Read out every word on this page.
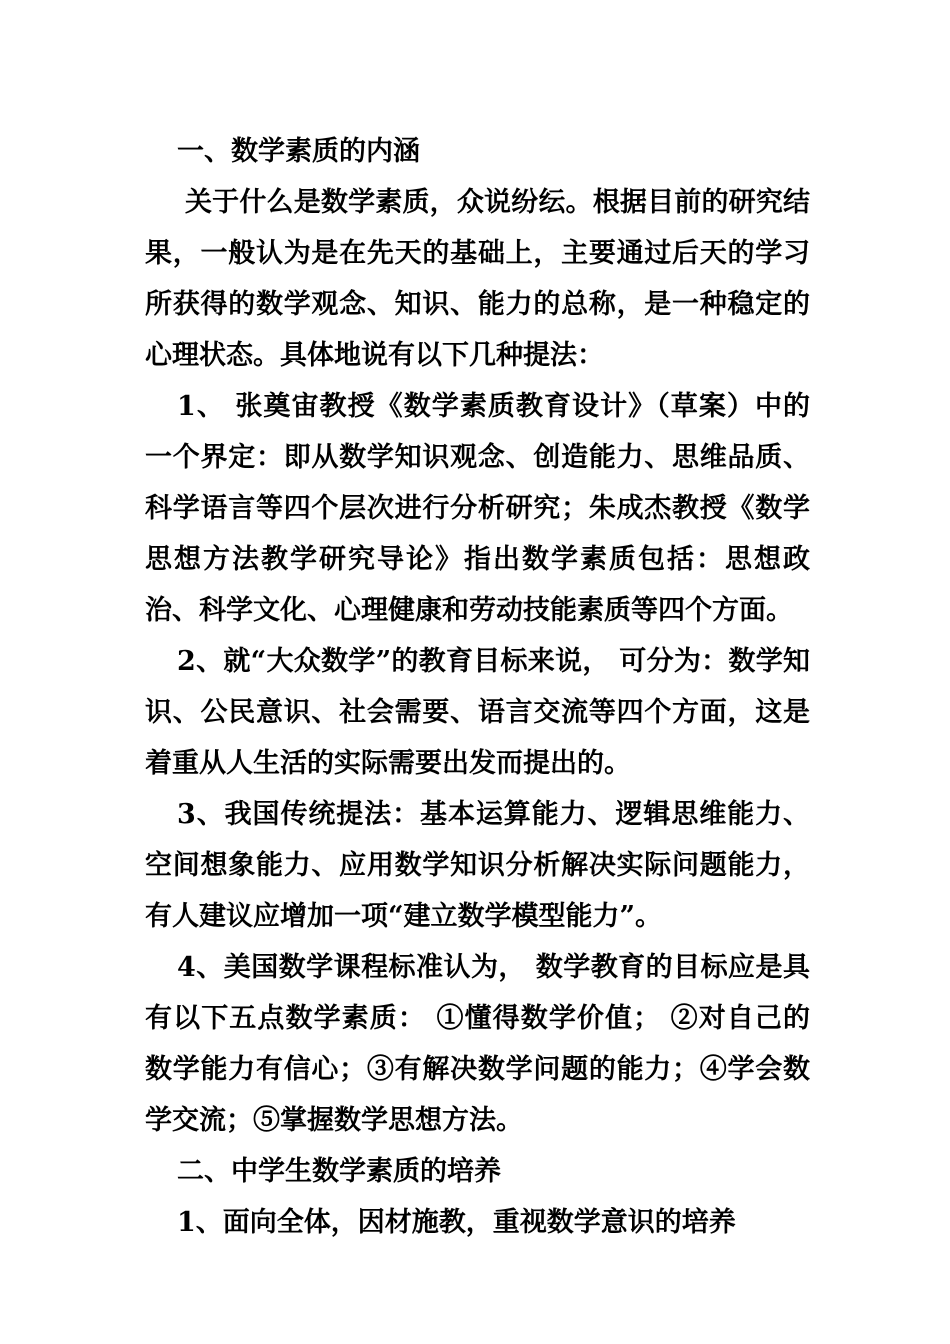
一、数学素质的内涵

关于什么是数学素质，众说纷纭。根据目前的研究结果，一般认为是在先天的基础上，主要通过后天的学习所获得的数学观念、知识、能力的总称，是一种稳定的心理状态。具体地说有以下几种提法：

1、 张奠宙教授《数学素质教育设计》（草案）中的一个界定：即从数学知识观念、创造能力、思维品质、科学语言等四个层次进行分析研究；朱成杰教授《数学思想方法教学研究导论》指出数学素质包括：思想政治、科学文化、心理健康和劳动技能素质等四个方面。

2、就“大众数学”的教育目标来说， 可分为：数学知识、公民意识、社会需要、语言交流等四个方面，这是着重从人生活的实际需要出发而提出的。

3、我国传统提法：基本运算能力、逻辑思维能力、 空间想象能力、应用数学知识分析解决实际问题能力，有人建议应增加一项“建立数学模型能力”。

4、美国数学课程标准认为， 数学教育的目标应是具有以下五点数学素质： ①懂得数学价值； ②对自己的数学能力有信心；③有解决数学问题的能力；④学会数学交流；⑤掌握数学思想方法。

二、中学生数学素质的培养

1、面向全体，因材施教，重视数学意识的培养
